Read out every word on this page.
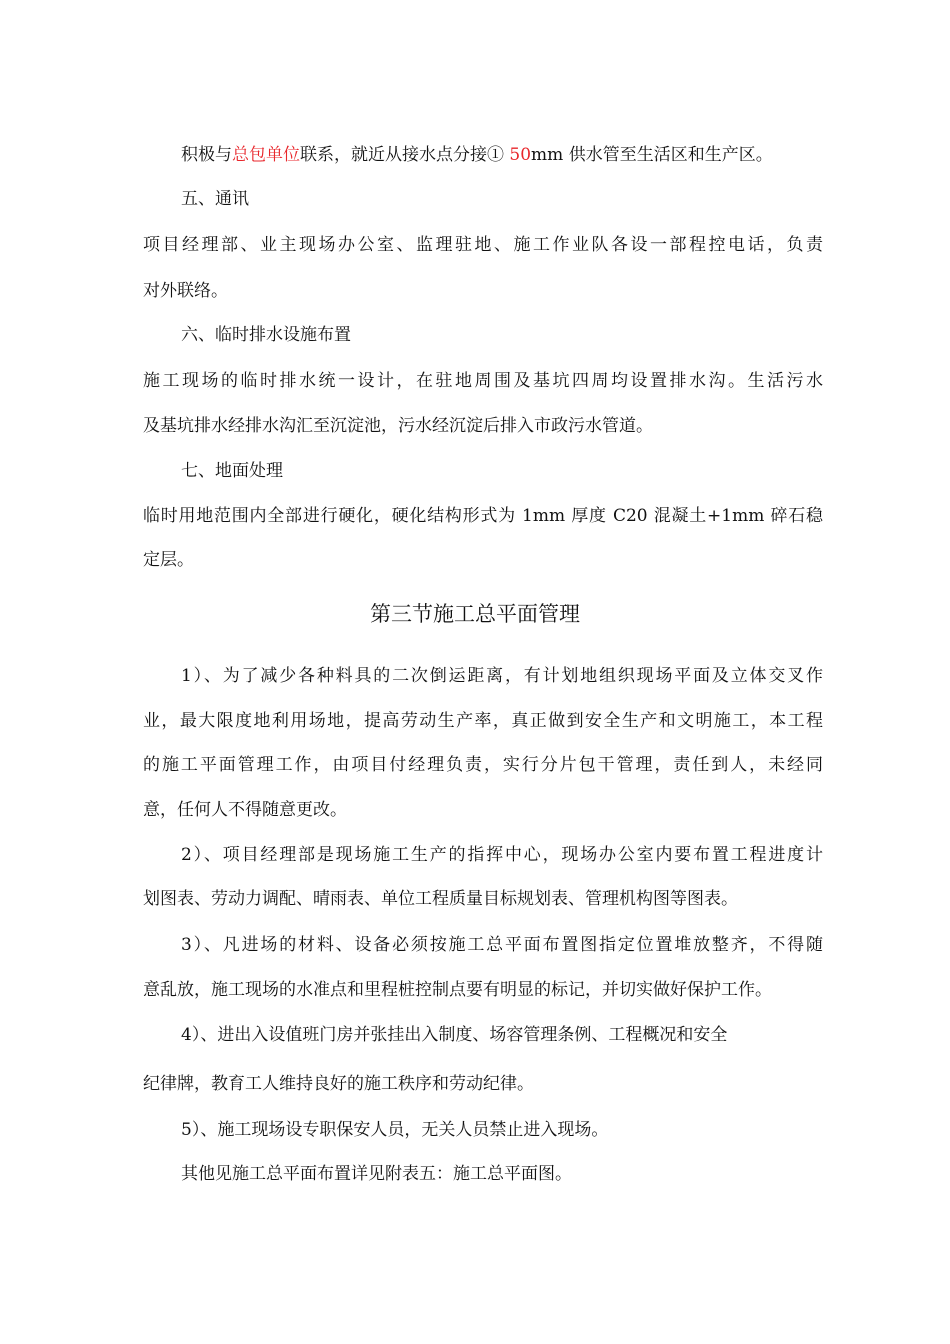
积极与总包单位联系，就近从接水点分接① 50mm 供水管至生活区和生产区。
五、通讯
项目经理部、业主现场办公室、监理驻地、施工作业队各设一部程控电话，负责
对外联络。
六、临时排水设施布置
施工现场的临时排水统一设计，在驻地周围及基坑四周均设置排水沟。生活污水
及基坑排水经排水沟汇至沉淀池，污水经沉淀后排入市政污水管道。
七、地面处理
临时用地范围内全部进行硬化，硬化结构形式为 1mm 厚度 C20 混凝土+1mm 碎石稳
定层。
第三节施工总平面管理
1）、为了减少各种料具的二次倒运距离，有计划地组织现场平面及立体交叉作
业，最大限度地利用场地，提高劳动生产率，真正做到安全生产和文明施工，本工程
的施工平面管理工作，由项目付经理负责，实行分片包干管理，责任到人，未经同
意，任何人不得随意更改。
2）、项目经理部是现场施工生产的指挥中心，现场办公室内要布置工程进度计
划图表、劳动力调配、晴雨表、单位工程质量目标规划表、管理机构图等图表。
3）、凡进场的材料、设备必须按施工总平面布置图指定位置堆放整齐，不得随
意乱放，施工现场的水准点和里程桩控制点要有明显的标记，并切实做好保护工作。
4）、进出入设值班门房并张挂出入制度、场容管理条例、工程概况和安全
纪律牌，教育工人维持良好的施工秩序和劳动纪律。
5）、施工现场设专职保安人员，无关人员禁止进入现场。
其他见施工总平面布置详见附表五：施工总平面图。
